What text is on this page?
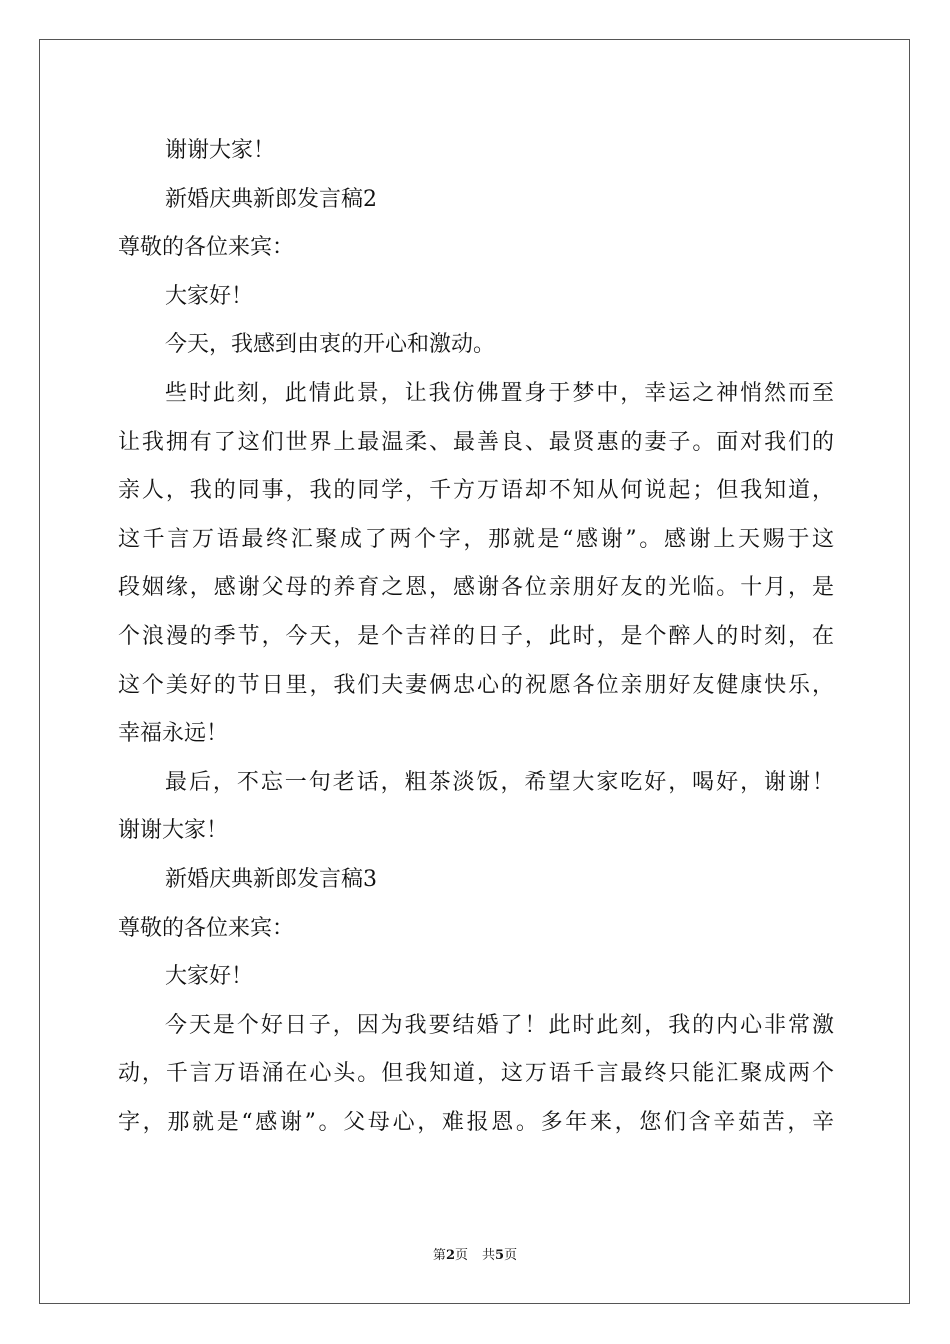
谢谢大家！
新婚庆典新郎发言稿2
尊敬的各位来宾：
大家好！
今天，我感到由衷的开心和激动。
些时此刻，此情此景，让我仿佛置身于梦中，幸运之神悄然而至
让我拥有了这们世界上最温柔、最善良、最贤惠的妻子。面对我们的
亲人，我的同事，我的同学，千方万语却不知从何说起；但我知道，
这千言万语最终汇聚成了两个字，那就是“感谢”。感谢上天赐于这
段姻缘，感谢父母的养育之恩，感谢各位亲朋好友的光临。十月，是
个浪漫的季节，今天，是个吉祥的日子，此时，是个醉人的时刻，在
这个美好的节日里，我们夫妻俩忠心的祝愿各位亲朋好友健康快乐，
幸福永远！
最后，不忘一句老话，粗茶淡饭，希望大家吃好，喝好，谢谢！
谢谢大家！
新婚庆典新郎发言稿3
尊敬的各位来宾：
大家好！
今天是个好日子，因为我要结婚了！此时此刻，我的内心非常激
动，千言万语涌在心头。但我知道，这万语千言最终只能汇聚成两个
字，那就是“感谢”。父母心，难报恩。多年来，您们含辛茹苦，辛
第2页 共5页
